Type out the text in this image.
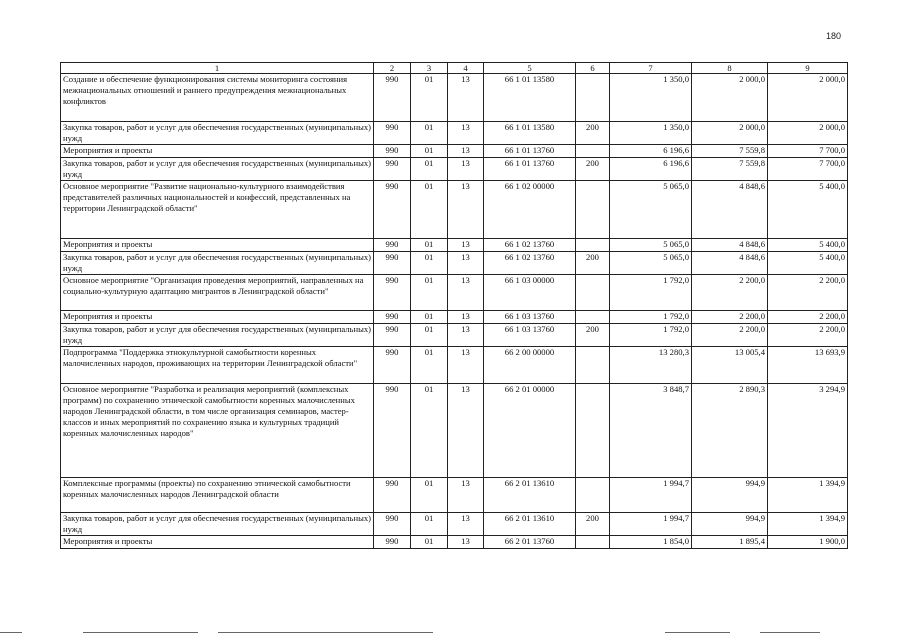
180
1	2	3	4	5	6	7	8	9
Создание и обеспечение функционирования системы мониторинга состояния межнациональных отношений и раннего предупреждения межнациональных конфликтов	990	01	13	66 1 01 13580		1 350,0	2 000,0	2 000,0
Закупка товаров, работ и услуг для обеспечения государственных (муниципальных) нужд	990	01	13	66 1 01 13580	200	1 350,0	2 000,0	2 000,0
Мероприятия и проекты	990	01	13	66 1 01 13760		6 196,6	7 559,8	7 700,0
Закупка товаров, работ и услуг для обеспечения государственных (муниципальных) нужд	990	01	13	66 1 01 13760	200	6 196,6	7 559,8	7 700,0
Основное мероприятие "Развитие национально-культурного взаимодействия представителей различных национальностей и конфессий, представленных на территории Ленинградской области"	990	01	13	66 1 02 00000		5 065,0	4 848,6	5 400,0
Мероприятия и проекты	990	01	13	66 1 02 13760		5 065,0	4 848,6	5 400,0
Закупка товаров, работ и услуг для обеспечения государственных (муниципальных) нужд	990	01	13	66 1 02 13760	200	5 065,0	4 848,6	5 400,0
Основное мероприятие "Организация проведения мероприятий, направленных на социально-культурную адаптацию мигрантов в Ленинградской области"	990	01	13	66 1 03 00000		1 792,0	2 200,0	2 200,0
Мероприятия и проекты	990	01	13	66 1 03 13760		1 792,0	2 200,0	2 200,0
Закупка товаров, работ и услуг для обеспечения государственных (муниципальных) нужд	990	01	13	66 1 03 13760	200	1 792,0	2 200,0	2 200,0
Подпрограмма "Поддержка этнокультурной самобытности коренных малочисленных народов, проживающих на территории Ленинградской области"	990	01	13	66 2 00 00000		13 280,3	13 005,4	13 693,9
Основное мероприятие "Разработка и реализация мероприятий (комплексных программ) по сохранению этнической самобытности коренных малочисленных народов Ленинградской области, в том числе организация семинаров, мастер-классов и иных мероприятий по сохранению языка и культурных традиций коренных малочисленных народов"	990	01	13	66 2 01 00000		3 848,7	2 890,3	3 294,9
Комплексные программы (проекты) по сохранению этнической самобытности коренных малочисленных народов Ленинградской области	990	01	13	66 2 01 13610		1 994,7	994,9	1 394,9
Закупка товаров, работ и услуг для обеспечения государственных (муниципальных) нужд	990	01	13	66 2 01 13610	200	1 994,7	994,9	1 394,9
Мероприятия и проекты	990	01	13	66 2 01 13760		1 854,0	1 895,4	1 900,0
